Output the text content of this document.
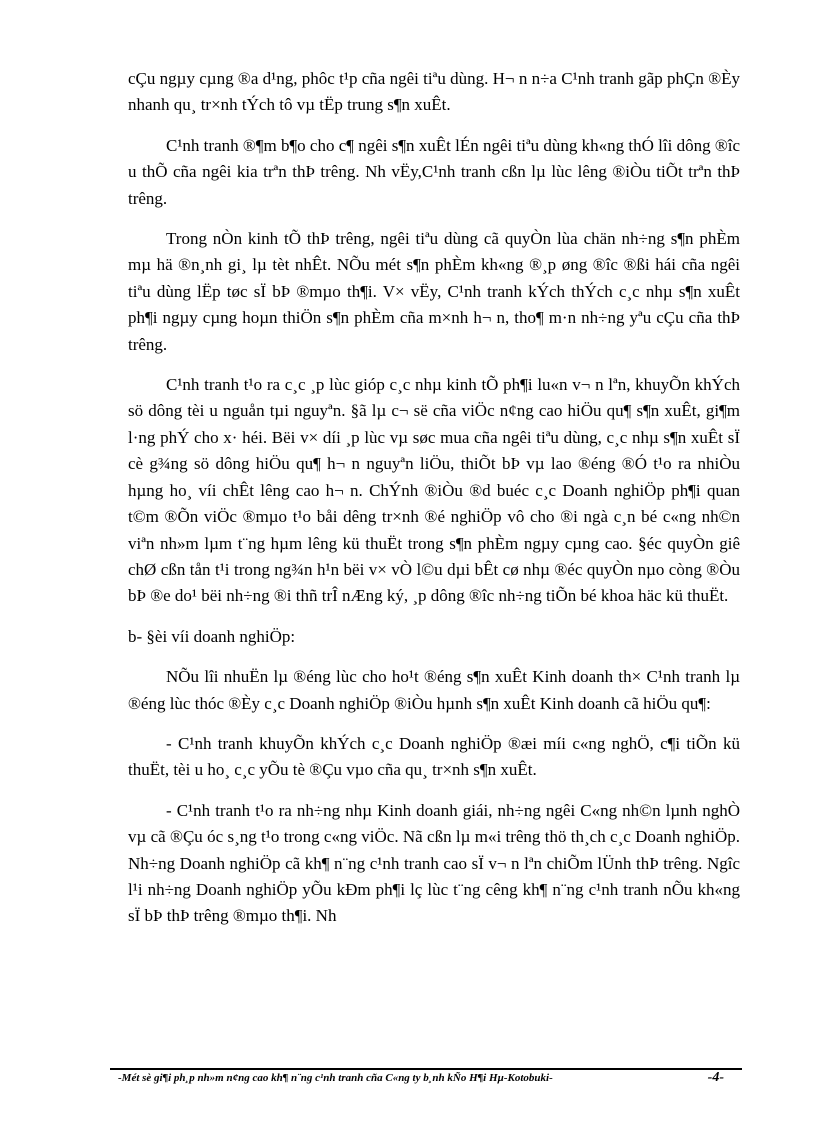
cÇu ngµy cµng ®a d¹ng, phôc t¹p cña ngêi tiªu dùng. H¬ n n÷a C¹nh tranh gãp phÇn ®Èy nhanh qu¸ tr×nh tÝch tô vµ tËp trung s¶n xuÊt.

C¹nh tranh ®¶m b¶o cho c¶ ngêi s¶n xuÊt lÉn ngêi tiªu dùng kh«ng thÓ lîi dông ®îc u thÕ cña ngêi kia trªn thÞ trêng. Nh vËy,C¹nh tranh cßn lµ lùc lêng ®iÒu tiÕt trªn thÞ trêng.

Trong nÒn kinh tÕ thÞ trêng, ngêi tiªu dùng cã quyÒn lùa chän nh÷ng s¶n phÈm mµ hä ®n¸nh gi¸ lµ tèt nhÊt. NÕu mét s¶n phÈm kh«ng ®¸p øng ®îc ®ßi hái cña ngêi tiªu dùng lËp tøc sÏ bÞ ®mµo th¶i. V× vËy, C¹nh tranh kÝch thÝch c¸c nhµ s¶n xuÊt ph¶i ngµy cµng hoµn thiÖn s¶n phÈm cña m×nh h¬ n, tho¶ m·n nh÷ng yªu cÇu cña thÞ trêng.

C¹nh tranh t¹o ra c¸c ¸p lùc gióp c¸c nhµ kinh tÕ ph¶i lu«n v¬ n lªn, khuyÕn khÝch sö dông tèi u nguån tµi nguyªn. §ã lµ c¬ së cña viÖc n¢ng cao hiÖu qu¶ s¶n xuÊt, gi¶m l·ng phÝ cho x· héi. Bëi v× díi ¸p lùc vµ søc mua cña ngêi tiªu dùng, c¸c nhµ s¶n xuÊt sÏ cè g¾ng sö dông hiÖu qu¶ h¬ n nguyªn liÖu, thiÕt bÞ vµ lao ®éng ®Ó t¹o ra nhiÒu hµng ho¸ víi chÊt lêng cao h¬ n. ChÝnh ®iÒu ®d buéc c¸c Doanh nghiÖp ph¶i quan t©m ®Õn viÖc ®mµo t¹o båi dêng tr×nh ®é nghiÖp vô cho ®i ngà c¸n bé c«ng nh©n viªn nh»m lµm t¨ng hµm lêng kü thuËt trong s¶n phÈm ngµy cµng cao. §éc quyÒn giê chØ cßn tån t¹i trong ng¾n h¹n bëi v× vÒ l©u dµi bÊt cø nhµ ®éc quyÒn nµo còng ®Òu bÞ ®e do¹ bëi nh÷ng ®i thñ trÎ nÆng ký, ¸p dông ®îc nh÷ng tiÕn bé khoa häc kü thuËt.

b- §èi víi doanh nghiÖp:

NÕu lîi nhuËn lµ ®éng lùc cho ho¹t ®éng s¶n xuÊt Kinh doanh th× C¹nh tranh lµ ®éng lùc thóc ®Èy c¸c Doanh nghiÖp ®iÒu hµnh s¶n xuÊt Kinh doanh cã hiÖu qu¶:

- C¹nh tranh khuyÕn khÝch c¸c Doanh nghiÖp ®æi míi c«ng nghÖ, c¶i tiÕn kü thuËt, tèi u ho¸ c¸c yÕu tè ®Çu vµo cña qu¸ tr×nh s¶n xuÊt.

- C¹nh tranh t¹o ra nh÷ng nhµ Kinh doanh giái, nh÷ng ngêi C«ng nh©n lµnh nghÒ vµ cã ®Çu óc s¸ng t¹o trong c«ng viÖc. Nã cßn lµ m«i trêng thö th¸ch c¸c Doanh nghiÖp. Nh÷ng Doanh nghiÖp cã kh¶ n¨ng c¹nh tranh cao sÏ v¬ n lªn chiÕm lÜnh thÞ trêng. Ngîc l¹i nh÷ng Doanh nghiÖp yÕu kÐm ph¶i lç lùc t¨ng cêng kh¶ n¨ng c¹nh tranh nÕu kh«ng sÏ bÞ thÞ trêng ®mµo th¶i. Nh

-Mét sè gi¶i ph¸p nh»m n¢ng cao kh¶ n¨ng c¹nh tranh cña C«ng ty b¸nh kÑo H¶i Hµ-Kotobuki-	-4-
